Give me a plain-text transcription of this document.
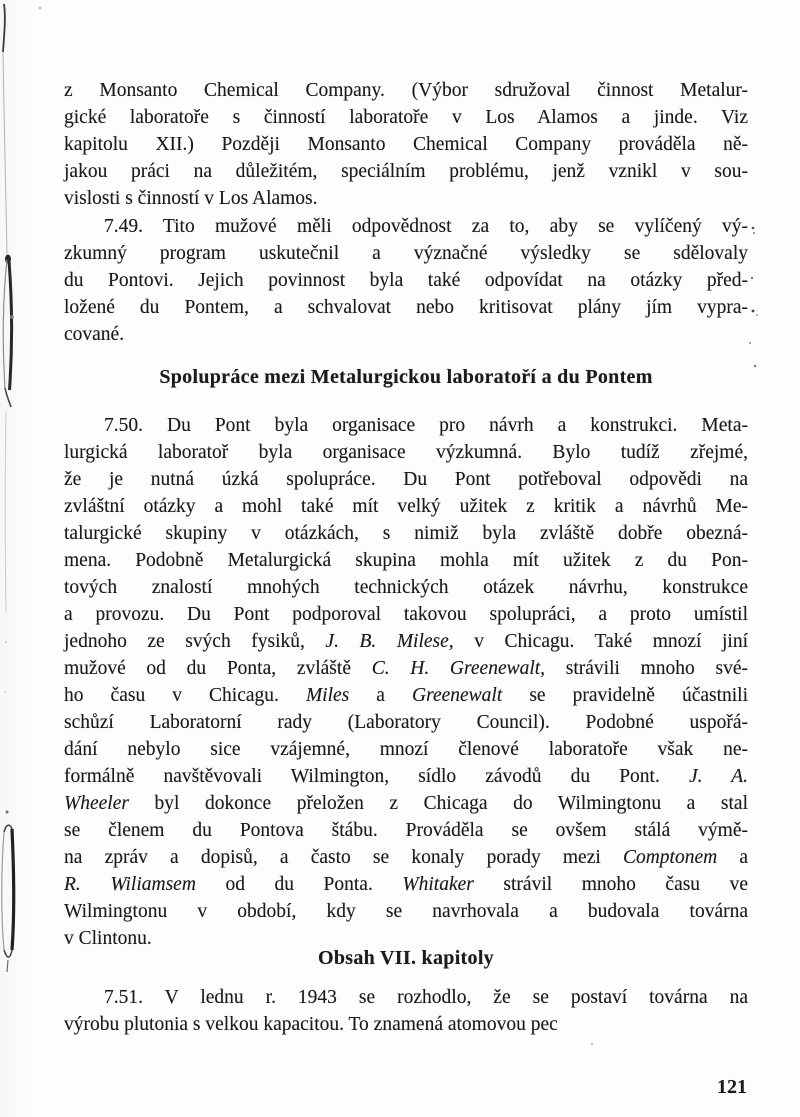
z Monsanto Chemical Company. (Výbor sdružoval činnost Metalur-
gické laboratoře s činností laboratoře v Los Alamos a jinde. Viz
kapitolu XII.) Později Monsanto Chemical Company prováděla ně-
jakou práci na důležitém, speciálním problému, jenž vznikl v sou-
vislosti s činností v Los Alamos.
7.49. Tito mužové měli odpovědnost za to, aby se vylíčený vý-
zkumný program uskutečnil a význačné výsledky se sdělovaly
du Pontovi. Jejich povinnost byla také odpovídat na otázky před-
ložené du Pontem, a schvalovat nebo kritisovat plány jím vypra-
cované.
Spolupráce mezi Metalurgickou laboratoří a du Pontem
7.50. Du Pont byla organisace pro návrh a konstrukci. Meta-
lurgická laboratoř byla organisace výzkumná. Bylo tudíž zřejmé,
že je nutná úzká spolupráce. Du Pont potřeboval odpovědi na
zvláštní otázky a mohl také mít velký užitek z kritik a návrhů Me-
talurgické skupiny v otázkách, s nimiž byla zvláště dobře obezná-
mena. Podobně Metalurgická skupina mohla mít užitek z du Pon-
tových znalostí mnohých technických otázek návrhu, konstrukce
a provozu. Du Pont podporoval takovou spolupráci, a proto umístil
jednoho ze svých fysiků, J. B. Milese, v Chicagu. Také mnozí jiní
mužové od du Ponta, zvláště C. H. Greenewalt, strávili mnoho své-
ho času v Chicagu. Miles a Greenewalt se pravidelně účastnili
schůzí Laboratorní rady (Laboratory Council). Podobné uspořá-
dání nebylo sice vzájemné, mnozí členové laboratoře však ne-
formálně navštěvovali Wilmington, sídlo závodů du Pont. J. A.
Wheeler byl dokonce přeložen z Chicaga do Wilmingtonu a stal
se členem du Pontova štábu. Prováděla se ovšem stálá výmě-
na zpráv a dopisů, a často se konaly porady mezi Comptonem a
R. Wiliamsem od du Ponta. Whitaker strávil mnoho času ve
Wilmingtonu v období, kdy se navrhovala a budovala továrna
v Clintonu.
Obsah VII. kapitoly
7.51. V lednu r. 1943 se rozhodlo, že se postaví továrna na
výrobu plutonia s velkou kapacitou. To znamená atomovou pec
121
